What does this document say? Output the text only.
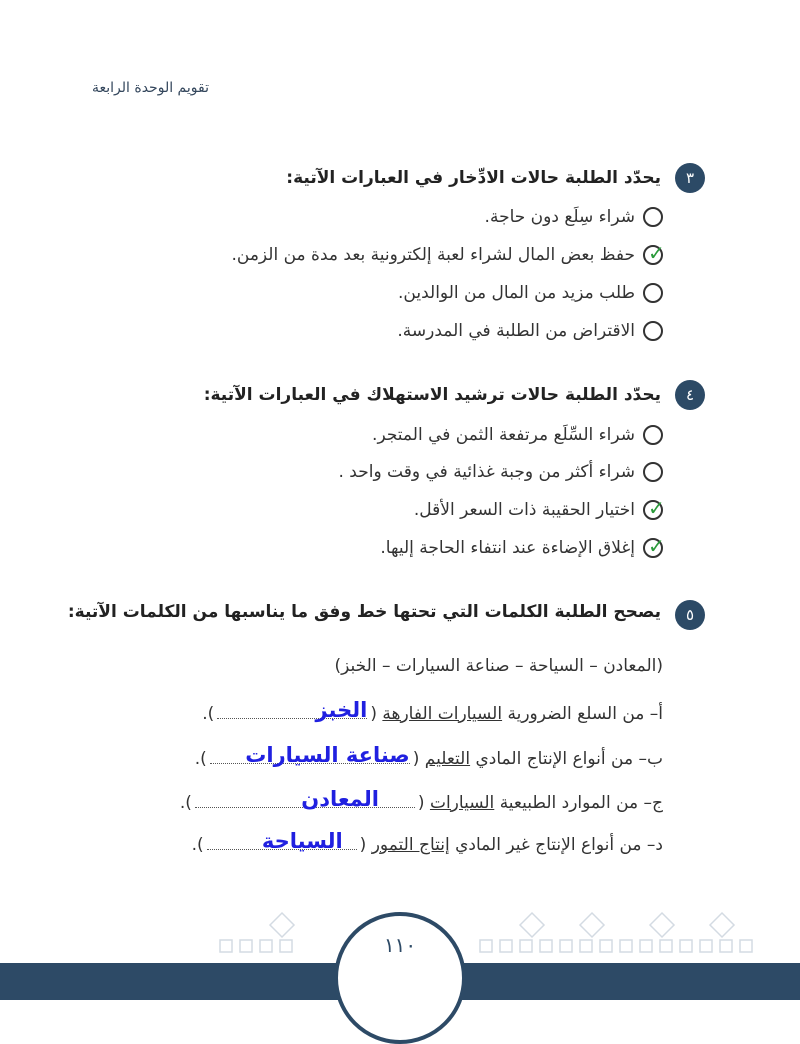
تقويم الوحدة الرابعة
٣
يحدّد الطلبة حالات الادِّخار في العبارات الآتية:
شراء سِلَع دون حاجة.
✓
حفظ بعض المال لشراء لعبة إلكترونية بعد مدة من الزمن.
طلب مزيد من المال من الوالدين.
الاقتراض من الطلبة في المدرسة.
٤
يحدّد الطلبة حالات ترشيد الاستهلاك في العبارات الآتية:
شراء السِّلَع مرتفعة الثمن في المتجر.
شراء أكثر من وجبة غذائية في وقت واحد .
✓
اختيار الحقيبة ذات السعر الأقل.
✓
إغلاق الإضاءة عند انتفاء الحاجة إليها.
٥
يصحح الطلبة الكلمات التي تحتها خط وفق ما يناسبها من الكلمات الآتية:
(المعادن – السياحة – صناعة السيارات – الخبز)
أ– من السلع الضرورية

السيارات الفارهة
(
الخبز
).
ب– من أنواع الإنتاج المادي

التعليم
(
صناعة السيارات
).
ج– من الموارد الطبيعية

السيارات
(
المعادن
).
د– من أنواع الإنتاج غير المادي

إنتاج التمور
(
السياحة
).
١١٠
